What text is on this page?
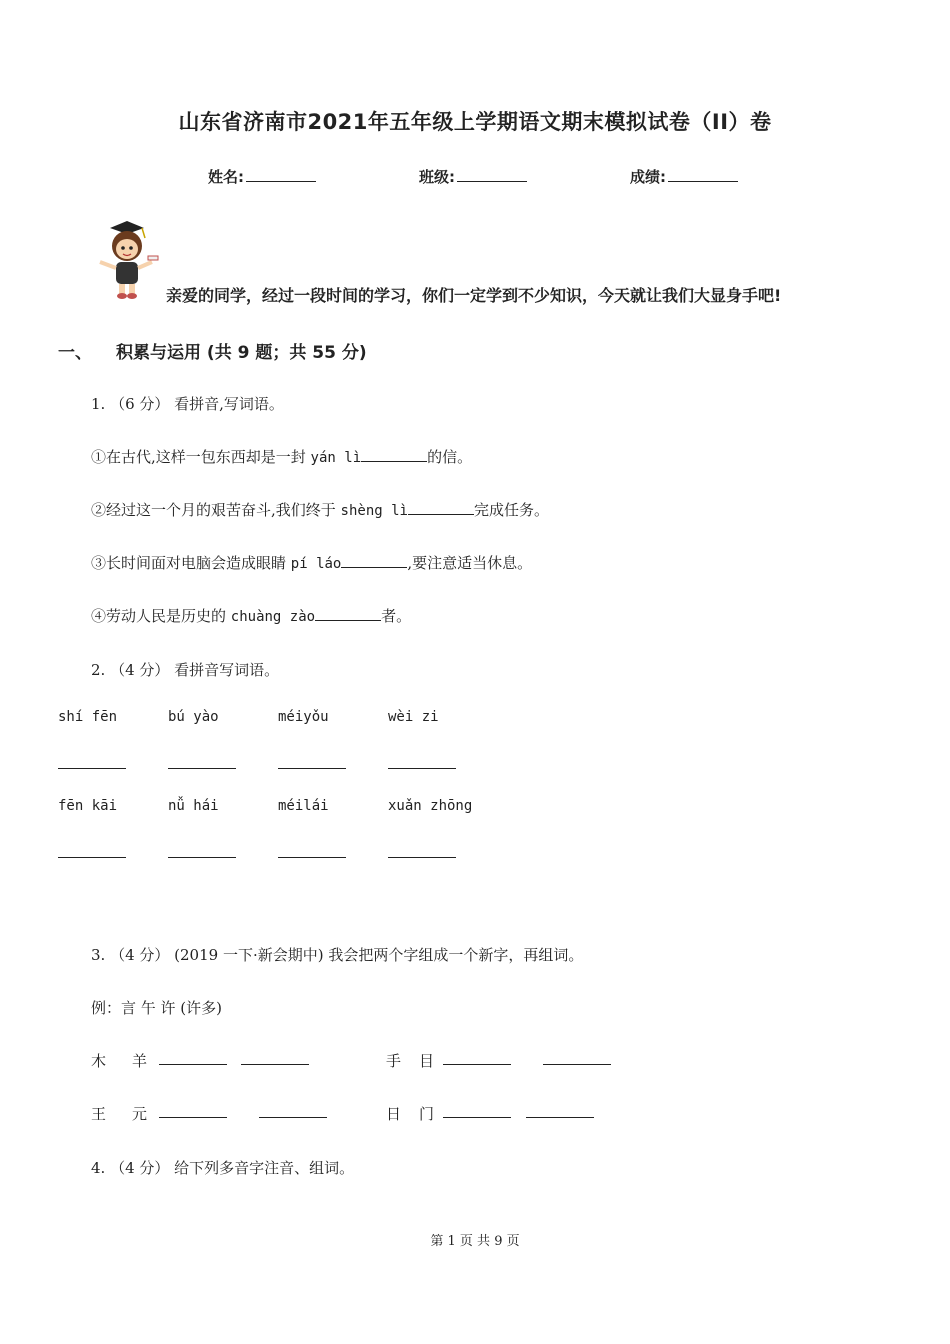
山东省济南市2021年五年级上学期语文期末模拟试卷（II）卷
姓名:	班级:	成绩:
亲爱的同学，经过一段时间的学习，你们一定学到不少知识，今天就让我们大显身手吧!
一、 积累与运用 (共 9 题；共 55 分)
1. （6 分） 看拼音,写词语。
①在古代,这样一包东西却是一封 yán lì	的信。
②经过这一个月的艰苦奋斗,我们终于 shèng lì	完成任务。
③长时间面对电脑会造成眼睛 pí láo	,要注意适当休息。
④劳动人民是历史的 chuàng zào	者。
2. （4 分） 看拼音写词语。
shí fēn	bú yào	méiyǒu	wèi zi
fēn kāi	nǚ hái	méilái	xuǎn zhōng
3. （4 分） (2019 一下·新会期中) 我会把两个字组成一个新字，再组词。
例：言 午 许 (许多)
木 羊	手 目
王 元	日 门
4. （4 分） 给下列多音字注音、组词。
第 1 页 共 9 页
